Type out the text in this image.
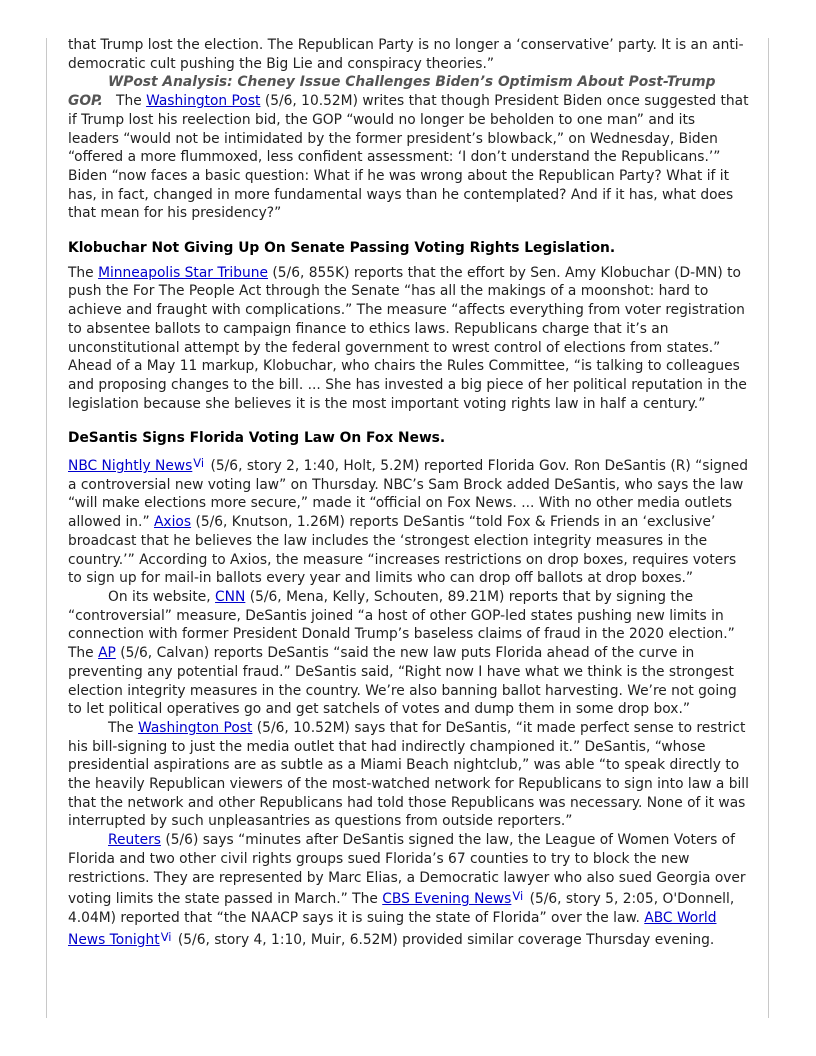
that Trump lost the election. The Republican Party is no longer a ‘conservative’ party. It is an anti-democratic cult pushing the Big Lie and conspiracy theories.”

WPost Analysis: Cheney Issue Challenges Biden’s Optimism About Post-Trump GOP. The Washington Post (5/6, 10.52M) writes that though President Biden once suggested that if Trump lost his reelection bid, the GOP “would no longer be beholden to one man” and its leaders “would not be intimidated by the former president’s blowback,” on Wednesday, Biden “offered a more flummoxed, less confident assessment: ‘I don’t understand the Republicans.’” Biden “now faces a basic question: What if he was wrong about the Republican Party? What if it has, in fact, changed in more fundamental ways than he contemplated? And if it has, what does that mean for his presidency?”

Klobuchar Not Giving Up On Senate Passing Voting Rights Legislation.

The Minneapolis Star Tribune (5/6, 855K) reports that the effort by Sen. Amy Klobuchar (D-MN) to push the For The People Act through the Senate “has all the makings of a moonshot: hard to achieve and fraught with complications.” The measure “affects everything from voter registration to absentee ballots to campaign finance to ethics laws. Republicans charge that it’s an unconstitutional attempt by the federal government to wrest control of elections from states.” Ahead of a May 11 markup, Klobuchar, who chairs the Rules Committee, “is talking to colleagues and proposing changes to the bill. ... She has invested a big piece of her political reputation in the legislation because she believes it is the most important voting rights law in half a century.”

DeSantis Signs Florida Voting Law On Fox News.

NBC Nightly News$^{Vi}$ (5/6, story 2, 1:40, Holt, 5.2M) reported Florida Gov. Ron DeSantis (R) “signed a controversial new voting law” on Thursday. NBC’s Sam Brock added DeSantis, who says the law “will make elections more secure,” made it “official on Fox News. ... With no other media outlets allowed in.” Axios (5/6, Knutson, 1.26M) reports DeSantis “told Fox & Friends in an ‘exclusive’ broadcast that he believes the law includes the ‘strongest election integrity measures in the country.’” According to Axios, the measure “increases restrictions on drop boxes, requires voters to sign up for mail-in ballots every year and limits who can drop off ballots at drop boxes.”

On its website, CNN (5/6, Mena, Kelly, Schouten, 89.21M) reports that by signing the “controversial” measure, DeSantis joined “a host of other GOP-led states pushing new limits in connection with former President Donald Trump’s baseless claims of fraud in the 2020 election.” The AP (5/6, Calvan) reports DeSantis “said the new law puts Florida ahead of the curve in preventing any potential fraud.” DeSantis said, “Right now I have what we think is the strongest election integrity measures in the country. We’re also banning ballot harvesting. We’re not going to let political operatives go and get satchels of votes and dump them in some drop box.”

The Washington Post (5/6, 10.52M) says that for DeSantis, “it made perfect sense to restrict his bill-signing to just the media outlet that had indirectly championed it.” DeSantis, “whose presidential aspirations are as subtle as a Miami Beach nightclub,” was able “to speak directly to the heavily Republican viewers of the most-watched network for Republicans to sign into law a bill that the network and other Republicans had told those Republicans was necessary. None of it was interrupted by such unpleasantries as questions from outside reporters.”

Reuters (5/6) says “minutes after DeSantis signed the law, the League of Women Voters of Florida and two other civil rights groups sued Florida’s 67 counties to try to block the new restrictions. They are represented by Marc Elias, a Democratic lawyer who also sued Georgia over voting limits the state passed in March.” The CBS Evening News$^{Vi}$ (5/6, story 5, 2:05, O'Donnell, 4.04M) reported that “the NAACP says it is suing the state of Florida” over the law. ABC World News Tonight$^{Vi}$ (5/6, story 4, 1:10, Muir, 6.52M) provided similar coverage Thursday evening.
